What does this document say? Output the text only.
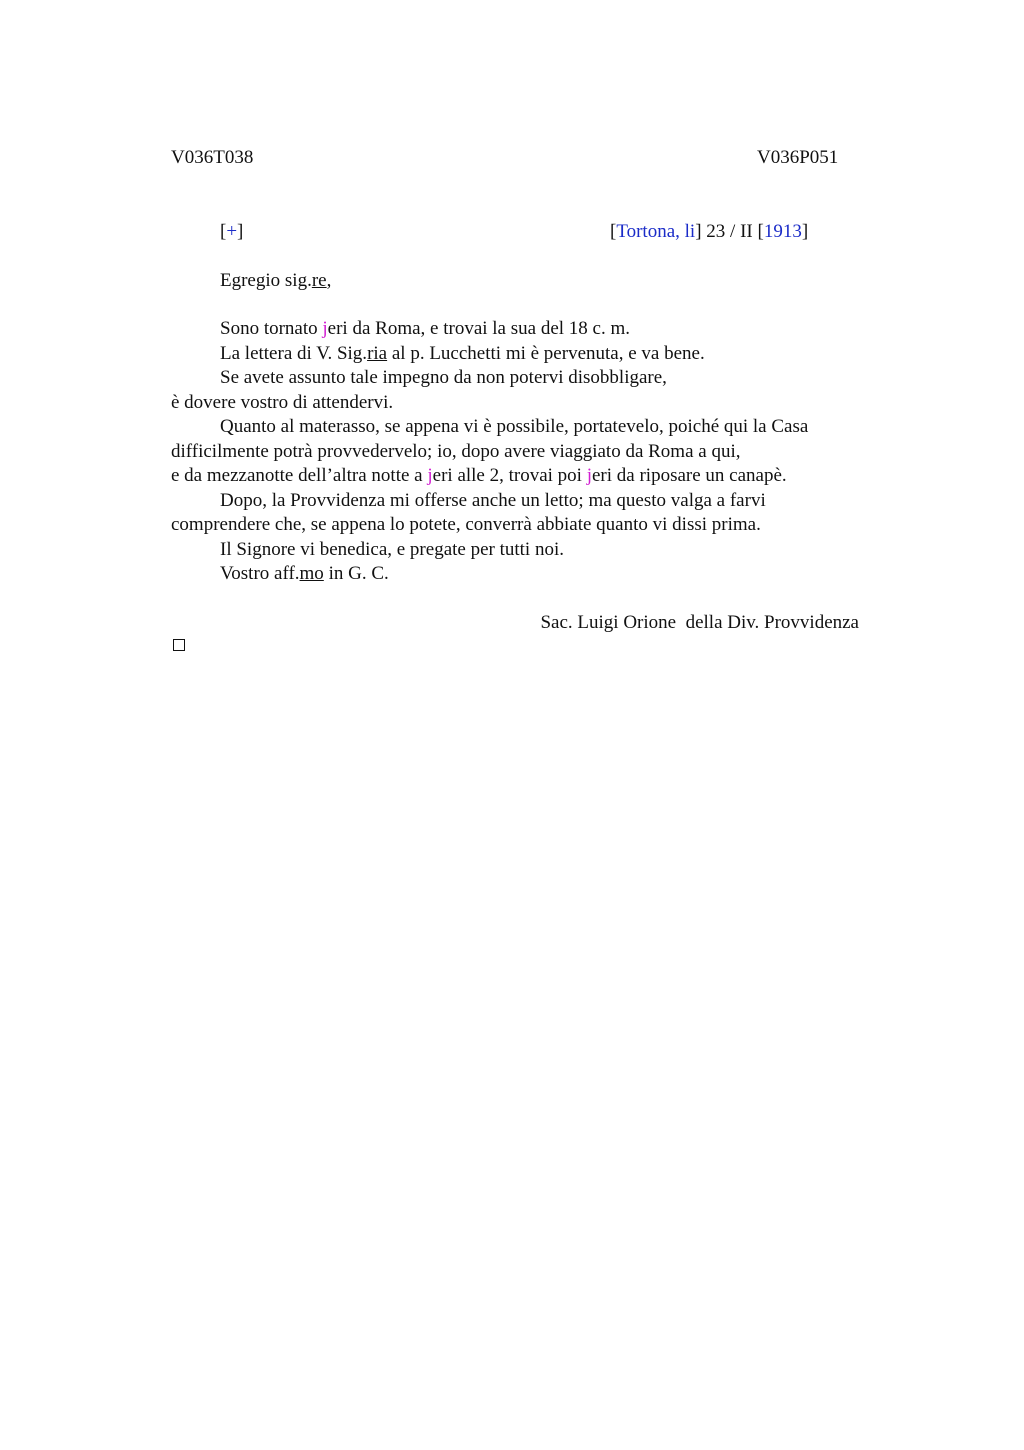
V036T038	V036P051
[+]	[Tortona, li] 23 / II [1913]
Egregio sig.re,
Sono tornato jeri da Roma, e trovai la sua del 18 c. m.
La lettera di V. Sig.ria al p. Lucchetti mi è pervenuta, e va bene.
Se avete assunto tale impegno da non potervi disobbligare,
è dovere vostro di attendervi.
Quanto al materasso, se appena vi è possibile, portatevelo, poiché qui la Casa
difficilmente potrà provvedervelo; io, dopo avere viaggiato da Roma a qui,
e da mezzanotte dell’altra notte a jeri alle 2, trovai poi jeri da riposare un canapè.
Dopo, la Provvidenza mi offerse anche un letto; ma questo valga a farvi
comprendere che, se appena lo potete, converrà abbiate quanto vi dissi prima.
Il Signore vi benedica, e pregate per tutti noi.
Vostro aff.mo in G. C.
Sac. Luigi Orione  della Div. Provvidenza
